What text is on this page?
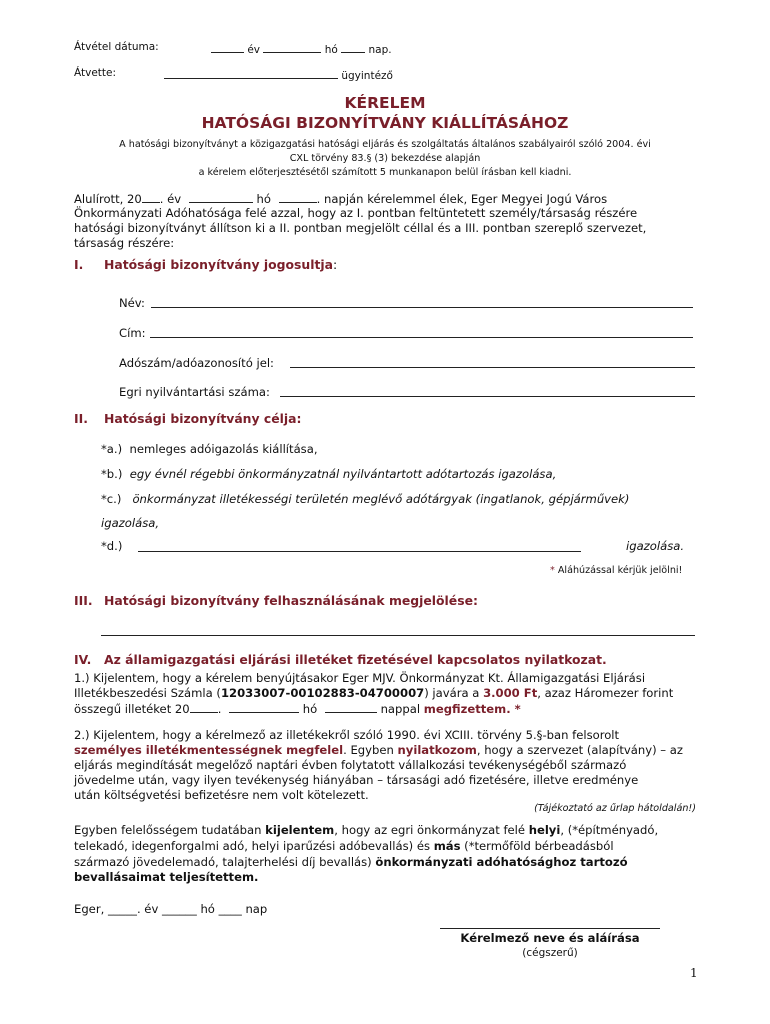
Átvétel dátuma:	év	hó	nap.
Átvette:	ügyintéző
KÉRELEM
HATÓSÁGI BIZONYÍTVÁNY KIÁLLÍTÁSÁHOZ
A hatósági bizonyítványt a közigazgatási hatósági eljárás és szolgáltatás általános szabályairól szóló 2004. évi
CXL törvény 83.§ (3) bekezdése alapján
a kérelem előterjesztésétől számított 5 munkanapon belül írásban kell kiadni.
Alulírott, 20 . év	hó	. napján kérelemmel élek, Eger Megyei Jogú Város
Önkormányzati Adóhatósága felé azzal, hogy az I. pontban feltüntetett személy/társaság részére
hatósági bizonyítványt állítson ki a II. pontban megjelölt céllal és a III. pontban szereplő szervezet,
társaság részére:
I. Hatósági bizonyítvány jogosultja:
Név:
Cím:
Adószám/adóazonosító jel:
Egri nyilvántartási száma:
II. Hatósági bizonyítvány célja:
*a.) nemleges adóigazolás kiállítása,
*b.) egy évnél régebbi önkormányzatnál nyilvántartott adótartozás igazolása,
*c.) önkormányzat illetékességi területén meglévő adótárgyak (ingatlanok, gépjárművek)
igazolása,
*d.)	igazolása.
* Aláhúzással kérjük jelölni!
III. Hatósági bizonyítvány felhasználásának megjelölése:
IV. Az államigazgatási eljárási illetéket fizetésével kapcsolatos nyilatkozat.
1.) Kijelentem, hogy a kérelem benyújtásakor Eger MJV. Önkormányzat Kt. Államigazgatási Eljárási
Illetékbeszedési Számla (12033007-00102883-04700007) javára a 3.000 Ft, azaz Háromezer forint
összegű illetéket 20 .	hó	nappal megfizettem. *
2.) Kijelentem, hogy a kérelmező az illetékekről szóló 1990. évi XCIII. törvény 5.§-ban felsorolt
személyes illetékmentességnek megfelel. Egyben nyilatkozom, hogy a szervezet (alapítvány) – az
eljárás megindítását megelőző naptári évben folytatott vállalkozási tevékenységéből származó
jövedelme után, vagy ilyen tevékenység hiányában – társasági adó fizetésére, illetve eredménye
után költségvetési befizetésre nem volt kötelezett.
(Tájékoztató az űrlap hátoldalán!)
Egyben felelősségem tudatában kijelentem, hogy az egri önkormányzat felé helyi, (*építményadó,
telekadó, idegenforgalmi adó, helyi iparűzési adóbevallás) és más (*termőföld bérbeadásból
származó jövedelemadó, talajterhelési díj bevallás) önkormányzati adóhatósághoz tartozó
bevallásaimat teljesítettem.
Eger, _____. év ______ hó ____ nap
Kérelmező neve és aláírása
(cégszerű)
1
